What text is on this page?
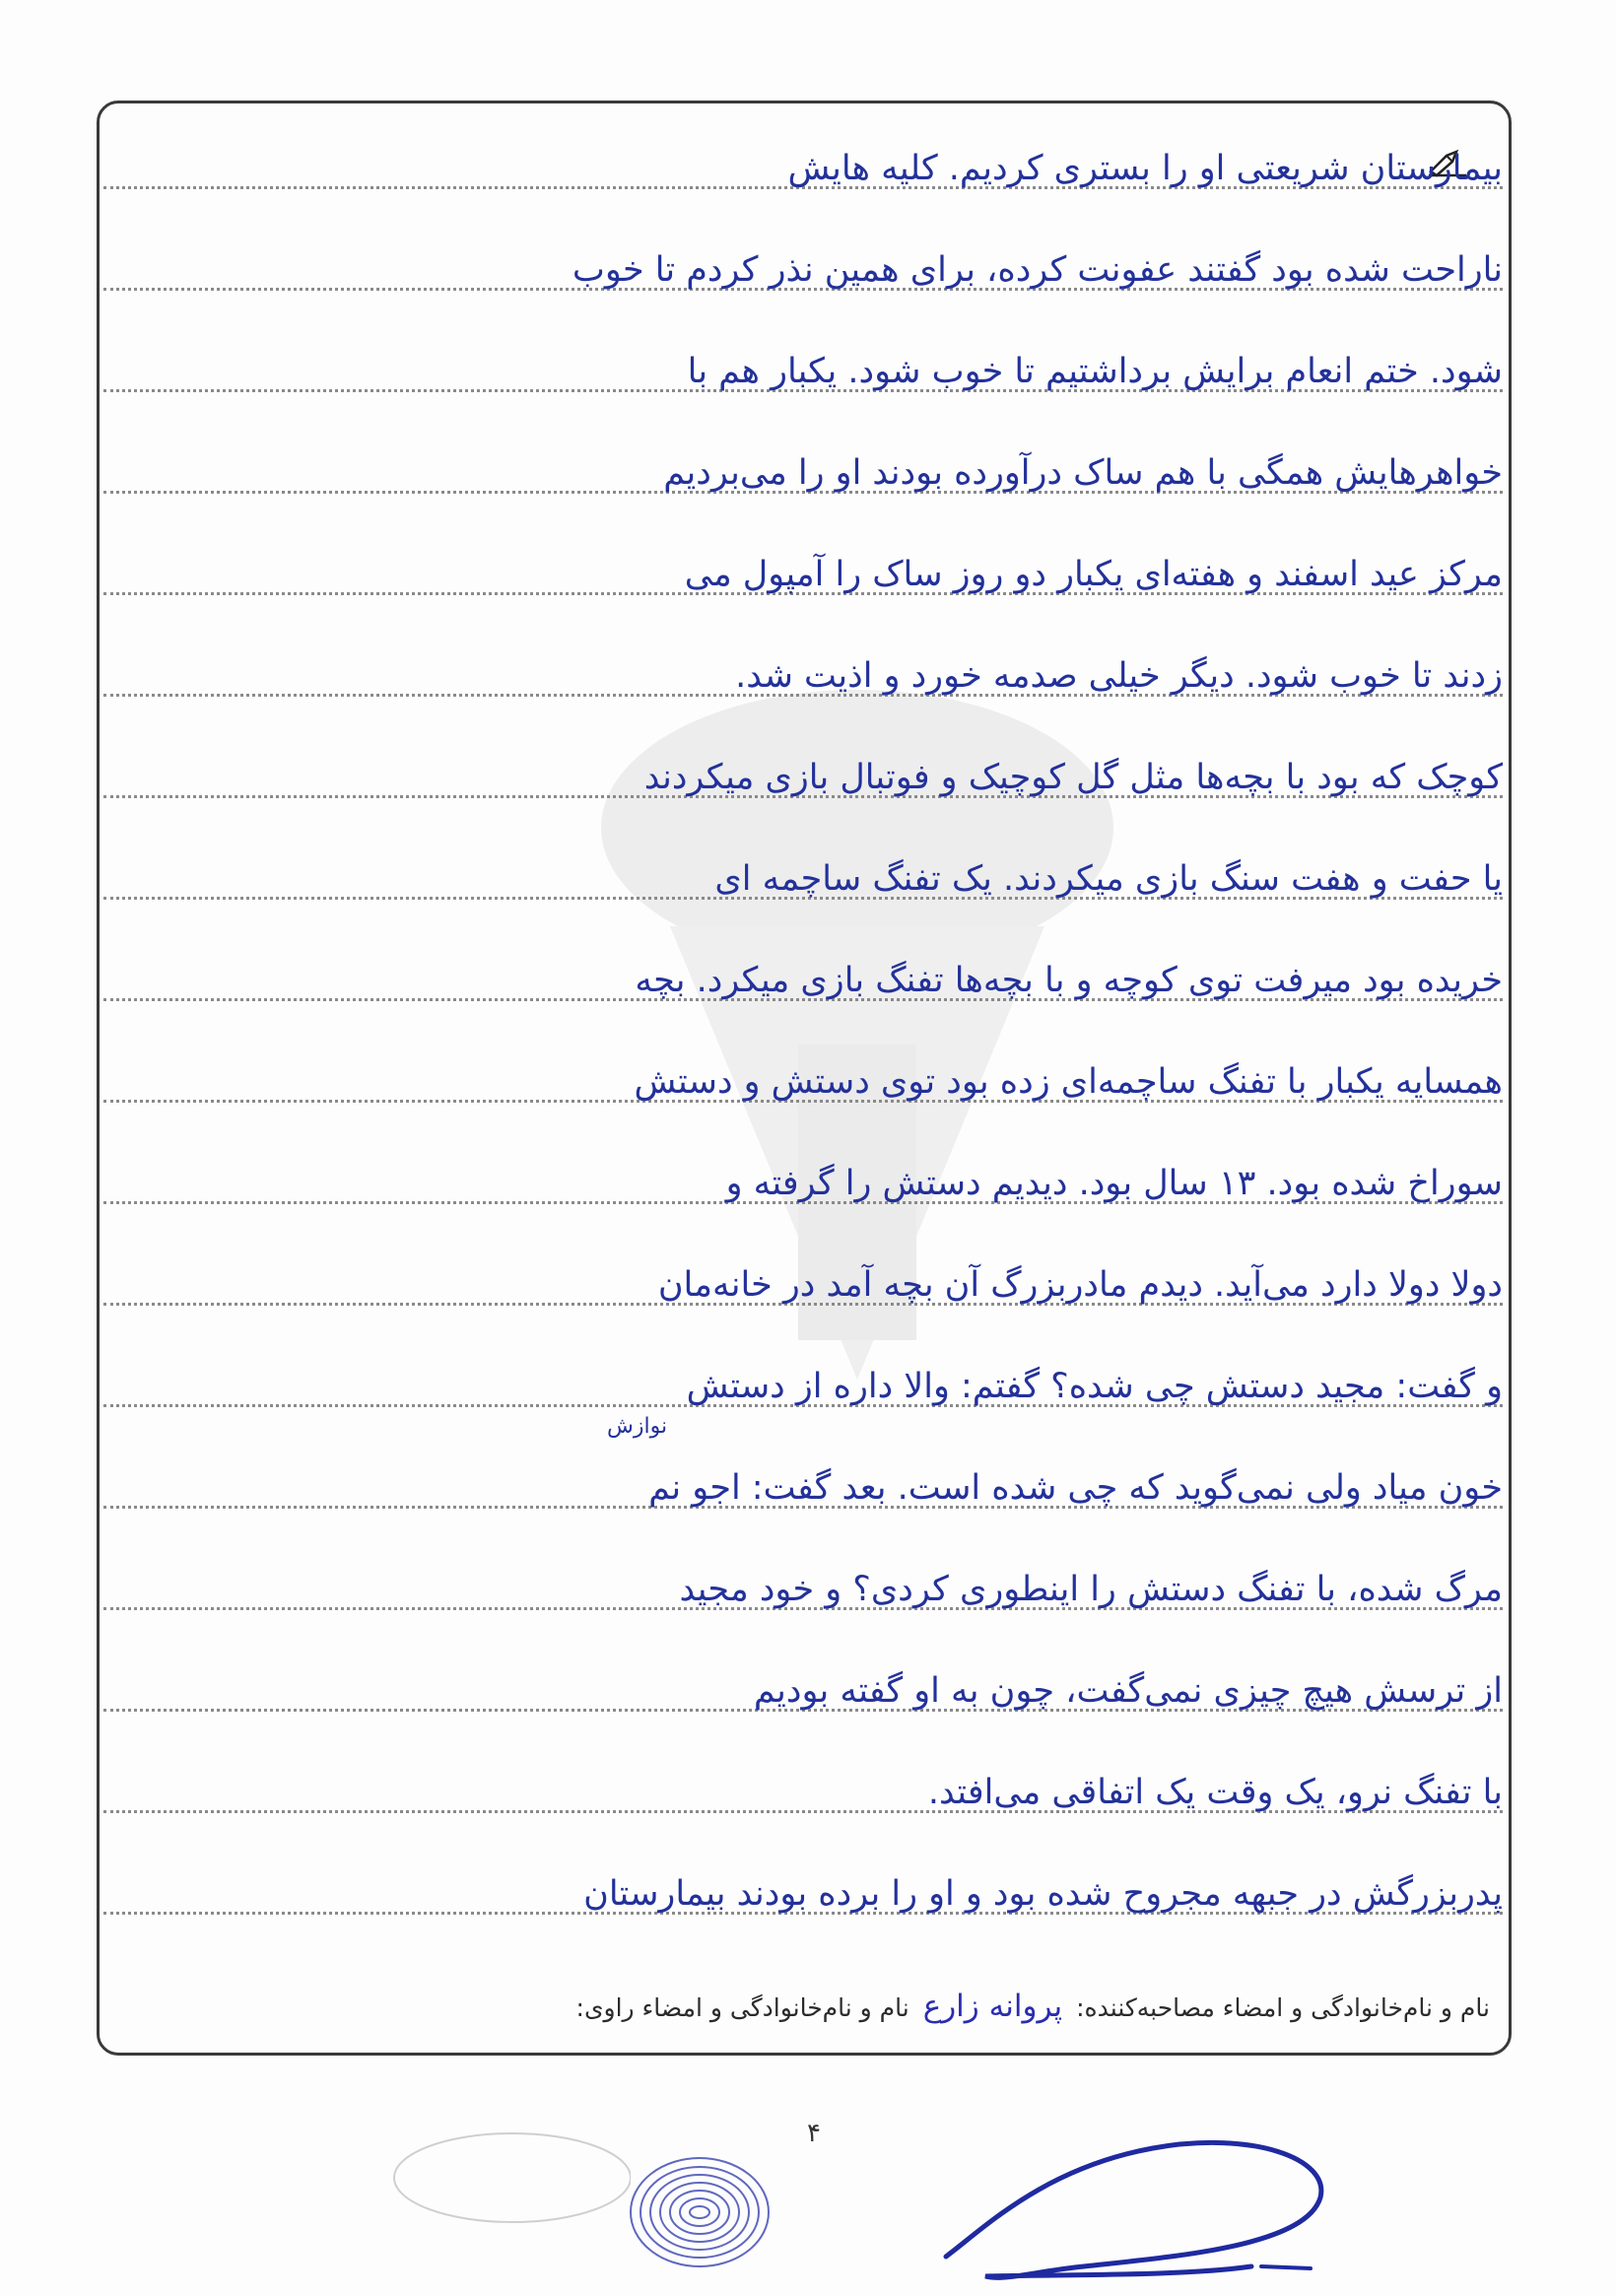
بیمارستان شریعتی او را بستری کردیم. کلیه هایش
ناراحت شده بود گفتند عفونت کرده، برای همین نذر کردم تا خوب
شود. ختم انعام برایش برداشتیم تا خوب شود. یکبار هم با
خواهرهایش همگی با هم ساک درآورده بودند او را می‌بردیم
مرکز عید اسفند و هفته‌ای یکبار دو روز ساک را آمپول می‌
زدند تا خوب شود. دیگر خیلی صدمه خورد و اذیت شد.
کوچک که بود با بچه‌ها مثل گل کوچیک و فوتبال بازی میکردند
یا حفت و هفت سنگ بازی میکردند. یک تفنگ ساچمه ای
خریده بود میرفت توی کوچه و با بچه‌ها تفنگ بازی میکرد. بچه
همسایه یکبار با تفنگ ساچمه‌ای زده بود توی دستش و دستش
سوراخ شده بود. ۱۳ سال بود. دیدیم دستش را گرفته و
دولا دولا دارد می‌آید. دیدم مادربزرگ آن بچه آمد در خانه‌مان
و گفت: مجید دستش چی شده؟ گفتم: والا داره از دستش
خون میاد ولی نمی‌گوید که چی شده است. بعد گفت: اجو نم
مرگ شده، با تفنگ دستش را اینطوری کردی؟ و خود مجید
از ترسش هیچ چیزی نمی‌گفت، چون به او گفته بودیم
با تفنگ نرو، یک وقت یک اتفاقی می‌افتد.
پدربزرگش در جبهه مجروح شده بود و او را برده بودند بیمارستان
نوازش
نام و نام‌خانوادگی و امضاء مصاحبه‌کننده: پروانه زارع نام و نام‌خانوادگی و امضاء راوی:
۴
